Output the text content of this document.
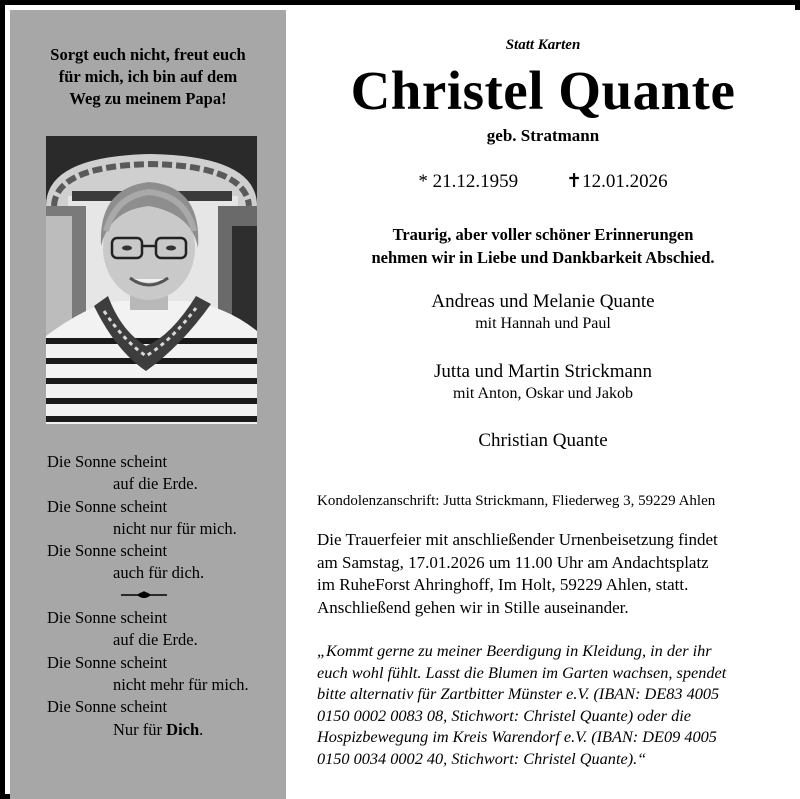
Sorgt euch nicht, freut euch
für mich, ich bin auf dem
Weg zu meinem Papa!
Die Sonne scheint
auf die Erde.
Die Sonne scheint
nicht nur für mich.
Die Sonne scheint
auch für dich.
Die Sonne scheint
auf die Erde.
Die Sonne scheint
nicht mehr für mich.
Die Sonne scheint
Nur für Dich.
Statt Karten
Christel Quante
geb. Stratmann
* 21.12.1959	✝12.01.2026
Traurig, aber voller schöner Erinnerungen
nehmen wir in Liebe und Dankbarkeit Abschied.
Andreas und Melanie Quante
mit Hannah und Paul
Jutta und Martin Strickmann
mit Anton, Oskar und Jakob
Christian Quante
Kondolenzanschrift: Jutta Strickmann, Fliederweg 3, 59229 Ahlen
Die Trauerfeier mit anschließender Urnenbeisetzung findet
am Samstag, 17.01.2026 um 11.00 Uhr am Andachtsplatz
im RuheForst Ahringhoff, Im Holt, 59229 Ahlen, statt.
Anschließend gehen wir in Stille auseinander.
„Kommt gerne zu meiner Beerdigung in Kleidung, in der ihr
euch wohl fühlt. Lasst die Blumen im Garten wachsen, spendet
bitte alternativ für Zartbitter Münster e.V. (IBAN: DE83 4005
0150 0002 0083 08, Stichwort: Christel Quante) oder die
Hospizbewegung im Kreis Warendorf e.V. (IBAN: DE09 4005
0150 0034 0002 40, Stichwort: Christel Quante).“
